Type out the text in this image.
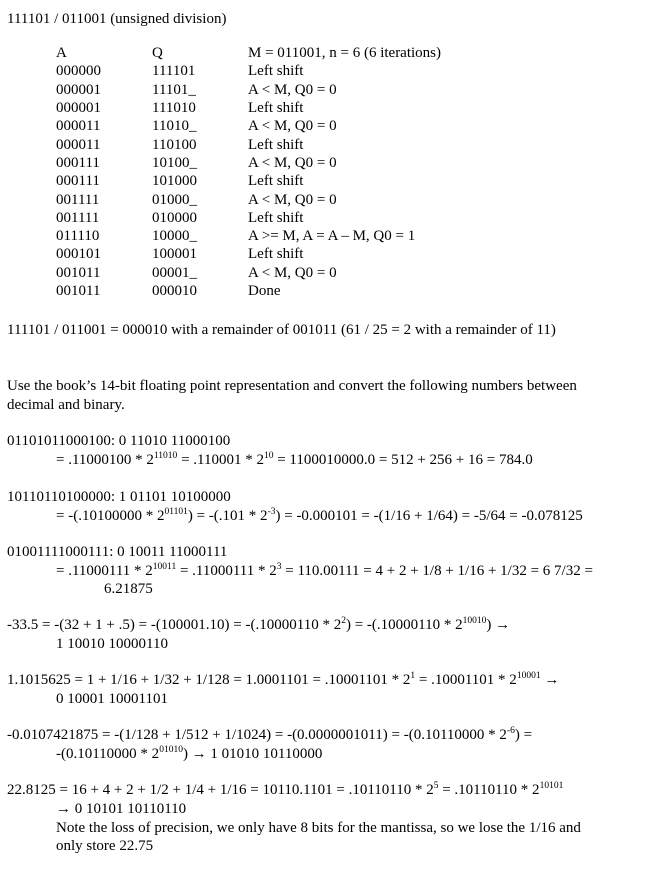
111101 / 011001 (unsigned division)
A	Q	M = 011001, n = 6 (6 iterations)
000000	111101	Left shift
000001	11101_	A < M, Q0 = 0
000001	111010	Left shift
000011	11010_	A < M, Q0 = 0
000011	110100	Left shift
000111	10100_	A < M, Q0 = 0
000111	101000	Left shift
001111	01000_	A < M, Q0 = 0
001111	010000	Left shift
011110	10000_	A >= M, A = A – M, Q0 = 1
000101	100001	Left shift
001011	00001_	A < M, Q0 = 0
001011	000010	Done
111101 / 011001 = 000010 with a remainder of 001011 (61 / 25 = 2 with a remainder of 11)
Use the book’s 14-bit floating point representation and convert the following numbers between
decimal and binary.
01101011000100: 0 11010 11000100
= $.11000100 * 2^{11010} = .110001 * 2^{10} = 1100010000.0 = 512 + 256 + 16 = 784.0$
10110110100000: 1 01101 10100000
= $-(.10100000 * 2^{01101}) = -(.101 * 2^{-3}) = -0.000101 = -(1/16 + 1/64) = -5/64 = -0.078125$
01001111000111: 0 10011 11000111
= $.11000111 * 2^{10011} = .11000111 * 2^3 = 110.00111 = 4 + 2 + 1/8 + 1/16 + 1/32 = 6$ 7/32 =
6.21875
$-33.5 = -(32 + 1 + .5) = -(100001.10) = -(.10000110 * 2^2) = -(.10000110 * 2^{10010})$ →
1 10010 10000110
$1.1015625 = 1 + 1/16 + 1/32 + 1/128 = 1.0001101 = .10001101 * 2^1 = .10001101 * 2^{10001}$ →
0 10001 10001101
$-0.0107421875 = -(1/128 + 1/512 + 1/1024) = -(0.0000001011) = -(0.10110000 * 2^{-6})$ =
$-(0.10110000 * 2^{01010}) \to 1$ 01010 10110000
$22.8125 = 16 + 4 + 2 + 1/2 + 1/4 + 1/16 = 10110.1101 = .10110110 * 2^5 = .10110110 * 2^{10101}$
→ 0 10101 10110110
Note the loss of precision, we only have 8 bits for the mantissa, so we lose the 1/16 and
only store 22.75
